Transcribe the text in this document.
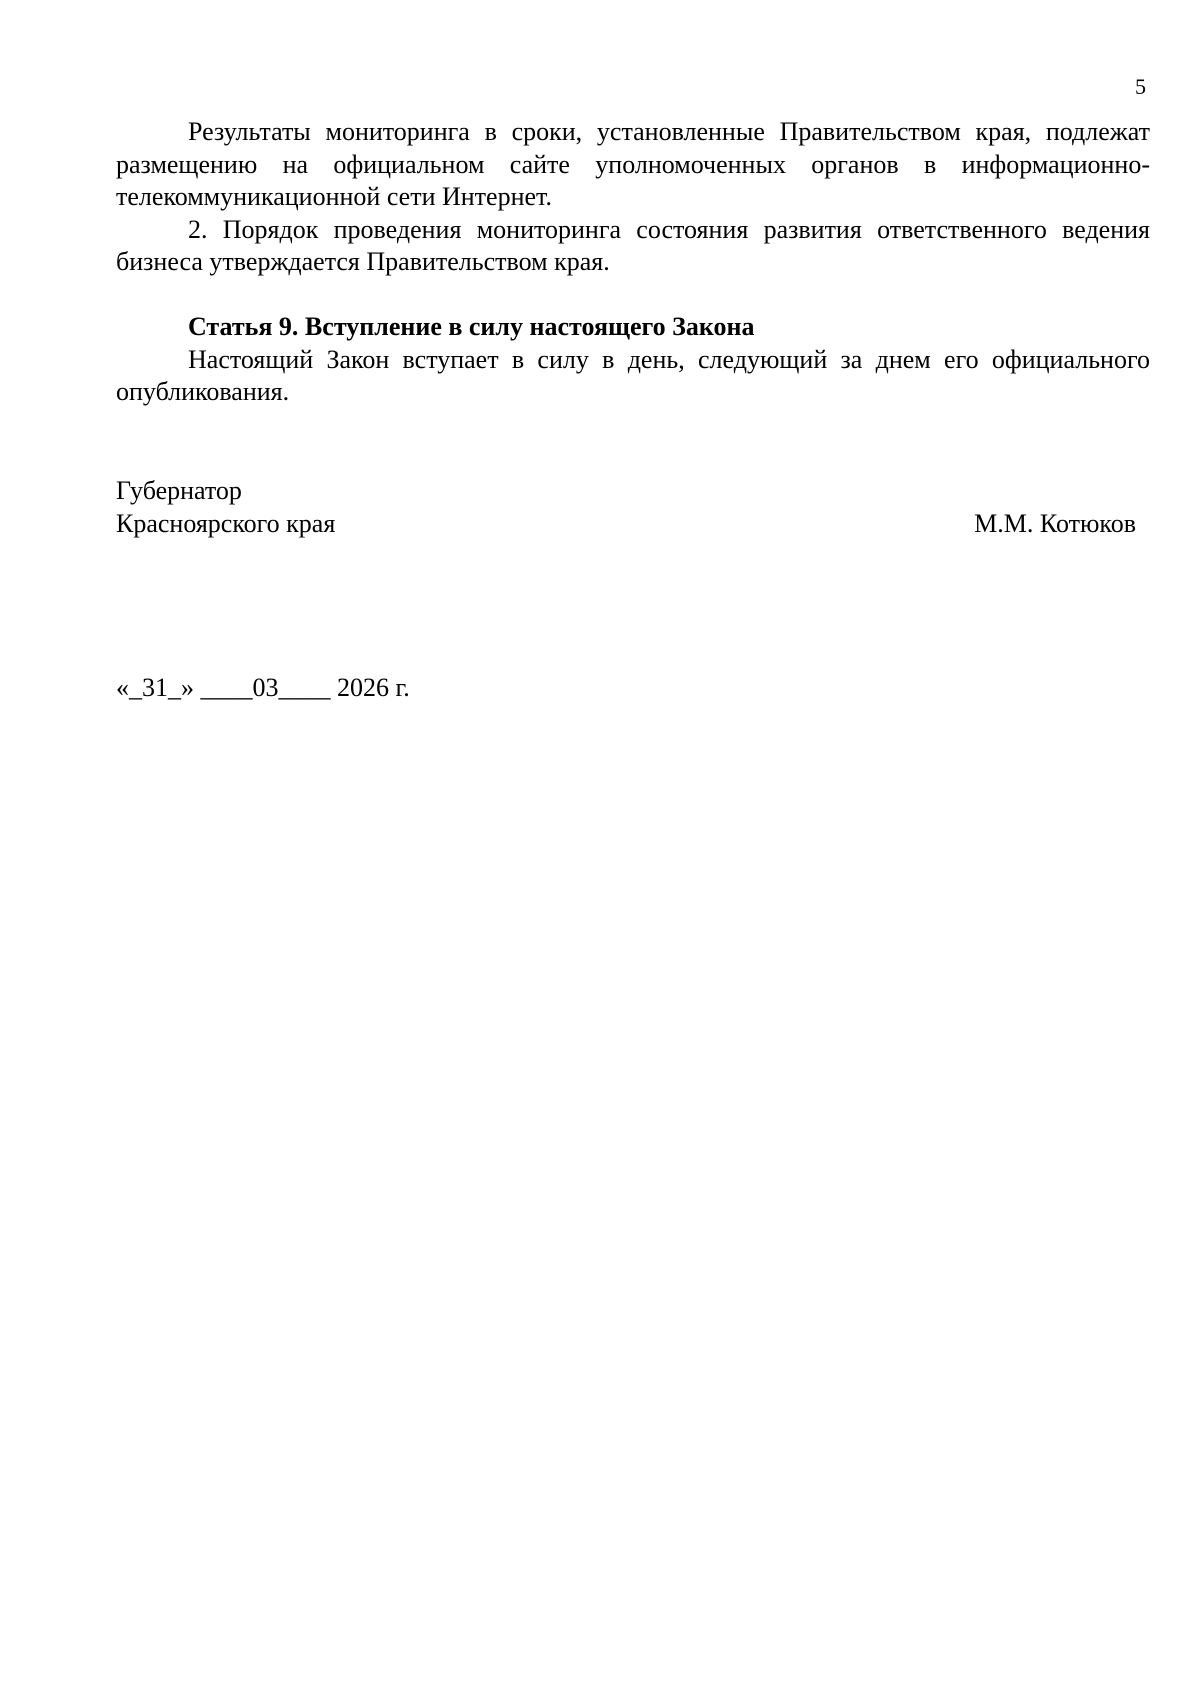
5

Результаты мониторинга в сроки, установленные Правительством края, подлежат размещению на официальном сайте уполномоченных органов в информационно-телекоммуникационной сети Интернет.

2. Порядок проведения мониторинга состояния развития ответственного ведения бизнеса утверждается Правительством края.

Статья 9. Вступление в силу настоящего Закона

Настоящий Закон вступает в силу в день, следующий за днем его официального опубликования.

Губернатор
Красноярского края	М.М. Котюков
«_31_» ____03____ 2026 г.
